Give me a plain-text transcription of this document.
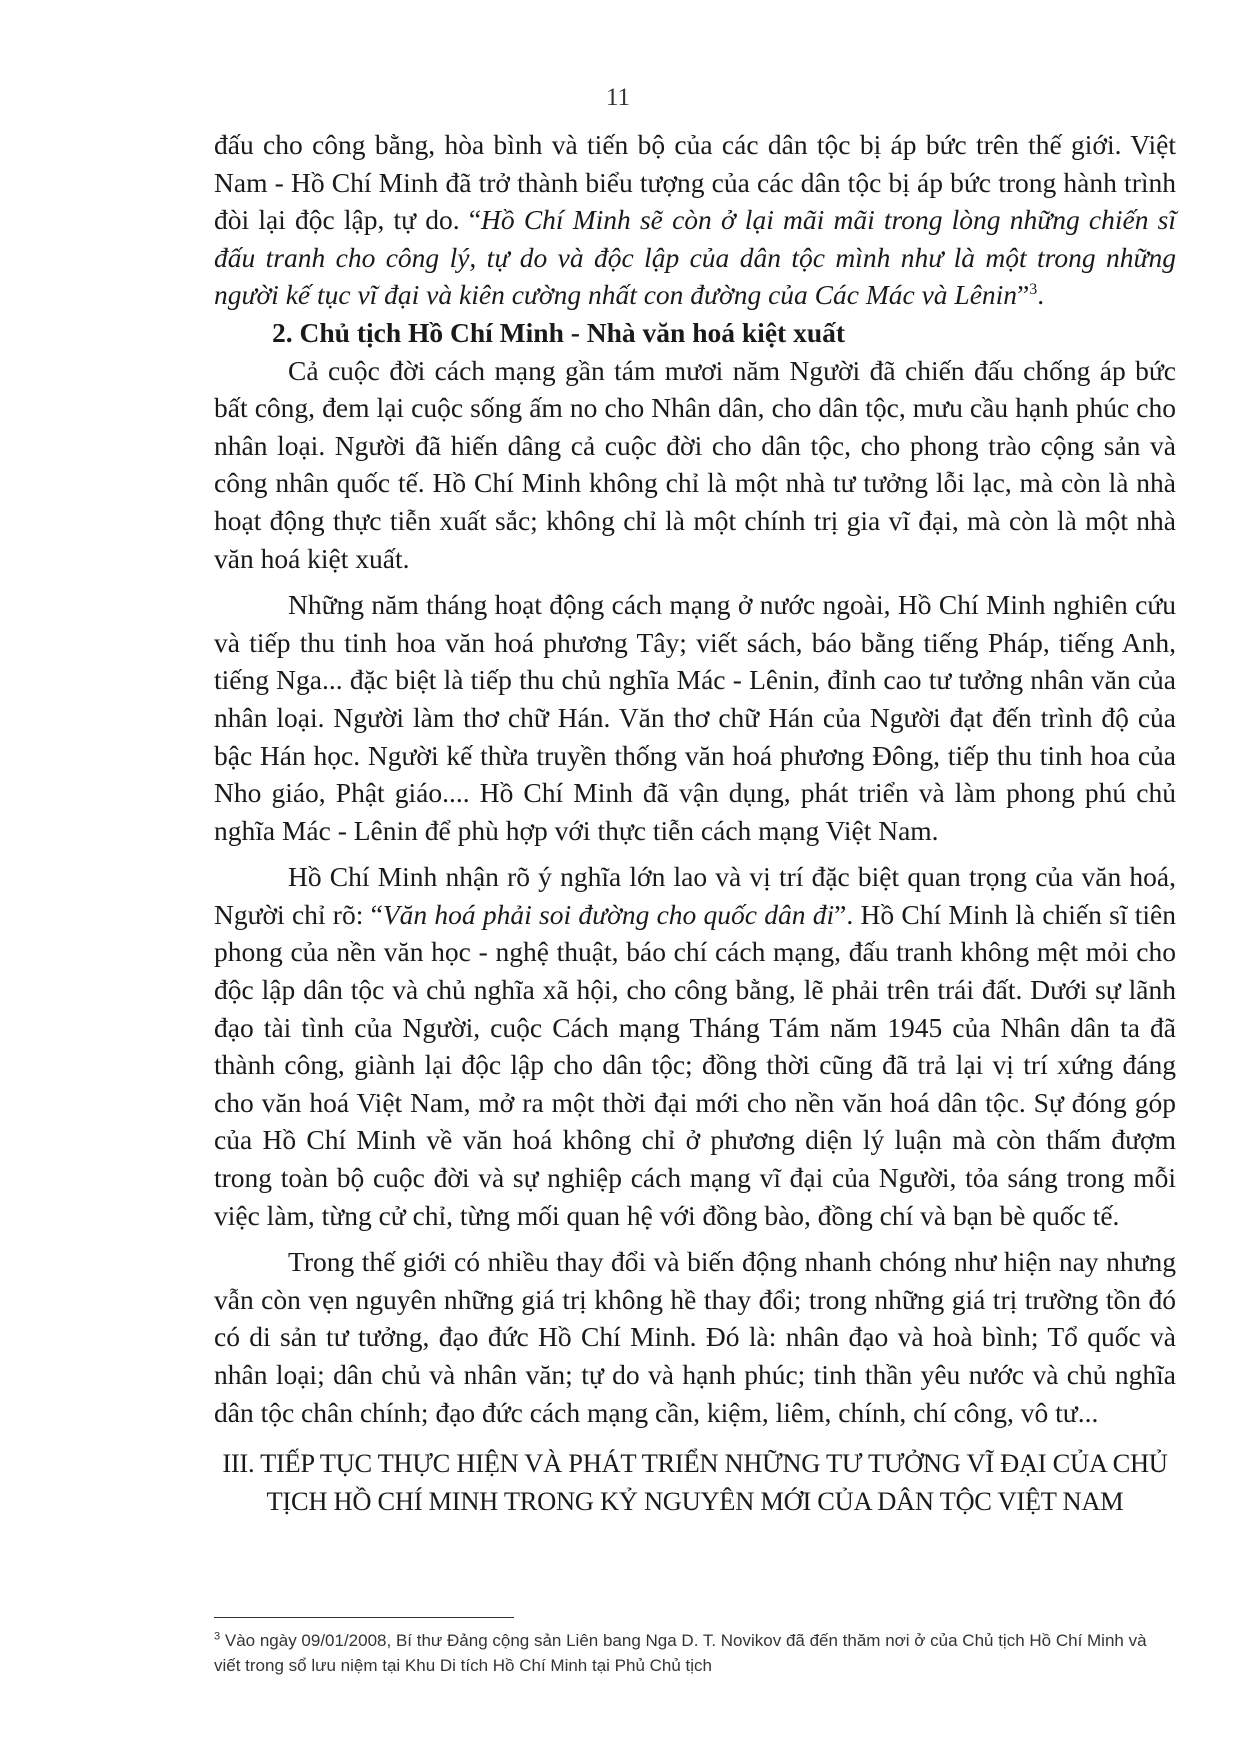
11

đấu cho công bằng, hòa bình và tiến bộ của các dân tộc bị áp bức trên thế giới. Việt Nam - Hồ Chí Minh đã trở thành biểu tượng của các dân tộc bị áp bức trong hành trình đòi lại độc lập, tự do. “Hồ Chí Minh sẽ còn ở lại mãi mãi trong lòng những chiến sĩ đấu tranh cho công lý, tự do và độc lập của dân tộc mình như là một trong những người kế tục vĩ đại và kiên cường nhất con đường của Các Mác và Lênin”$^3$.

2. Chủ tịch Hồ Chí Minh - Nhà văn hoá kiệt xuất

Cả cuộc đời cách mạng gần tám mươi năm Người đã chiến đấu chống áp bức bất công, đem lại cuộc sống ấm no cho Nhân dân, cho dân tộc, mưu cầu hạnh phúc cho nhân loại. Người đã hiến dâng cả cuộc đời cho dân tộc, cho phong trào cộng sản và công nhân quốc tế. Hồ Chí Minh không chỉ là một nhà tư tưởng lỗi lạc, mà còn là nhà hoạt động thực tiễn xuất sắc; không chỉ là một chính trị gia vĩ đại, mà còn là một nhà văn hoá kiệt xuất.

Những năm tháng hoạt động cách mạng ở nước ngoài, Hồ Chí Minh nghiên cứu và tiếp thu tinh hoa văn hoá phương Tây; viết sách, báo bằng tiếng Pháp, tiếng Anh, tiếng Nga... đặc biệt là tiếp thu chủ nghĩa Mác - Lênin, đỉnh cao tư tưởng nhân văn của nhân loại. Người làm thơ chữ Hán. Văn thơ chữ Hán của Người đạt đến trình độ của bậc Hán học. Người kế thừa truyền thống văn hoá phương Đông, tiếp thu tinh hoa của Nho giáo, Phật giáo.... Hồ Chí Minh đã vận dụng, phát triển và làm phong phú chủ nghĩa Mác - Lênin để phù hợp với thực tiễn cách mạng Việt Nam.

Hồ Chí Minh nhận rõ ý nghĩa lớn lao và vị trí đặc biệt quan trọng của văn hoá, Người chỉ rõ: “Văn hoá phải soi đường cho quốc dân đi”. Hồ Chí Minh là chiến sĩ tiên phong của nền văn học - nghệ thuật, báo chí cách mạng, đấu tranh không mệt mỏi cho độc lập dân tộc và chủ nghĩa xã hội, cho công bằng, lẽ phải trên trái đất. Dưới sự lãnh đạo tài tình của Người, cuộc Cách mạng Tháng Tám năm 1945 của Nhân dân ta đã thành công, giành lại độc lập cho dân tộc; đồng thời cũng đã trả lại vị trí xứng đáng cho văn hoá Việt Nam, mở ra một thời đại mới cho nền văn hoá dân tộc. Sự đóng góp của Hồ Chí Minh về văn hoá không chỉ ở phương diện lý luận mà còn thấm đượm trong toàn bộ cuộc đời và sự nghiệp cách mạng vĩ đại của Người, tỏa sáng trong mỗi việc làm, từng cử chỉ, từng mối quan hệ với đồng bào, đồng chí và bạn bè quốc tế.

Trong thế giới có nhiều thay đổi và biến động nhanh chóng như hiện nay nhưng vẫn còn vẹn nguyên những giá trị không hề thay đổi; trong những giá trị trường tồn đó có di sản tư tưởng, đạo đức Hồ Chí Minh. Đó là: nhân đạo và hoà bình; Tổ quốc và nhân loại; dân chủ và nhân văn; tự do và hạnh phúc; tinh thần yêu nước và chủ nghĩa dân tộc chân chính; đạo đức cách mạng cần, kiệm, liêm, chính, chí công, vô tư...

III. TIẾP TỤC THỰC HIỆN VÀ PHÁT TRIỂN NHỮNG TƯ TƯỞNG VĨ ĐẠI CỦA CHỦ TỊCH HỒ CHÍ MINH TRONG KỶ NGUYÊN MỚI CỦA DÂN TỘC VIỆT NAM

$^3$ Vào ngày 09/01/2008, Bí thư Đảng cộng sản Liên bang Nga D. T. Novikov đã đến thăm nơi ở của Chủ tịch Hồ Chí Minh và viết trong sổ lưu niệm tại Khu Di tích Hồ Chí Minh tại Phủ Chủ tịch
